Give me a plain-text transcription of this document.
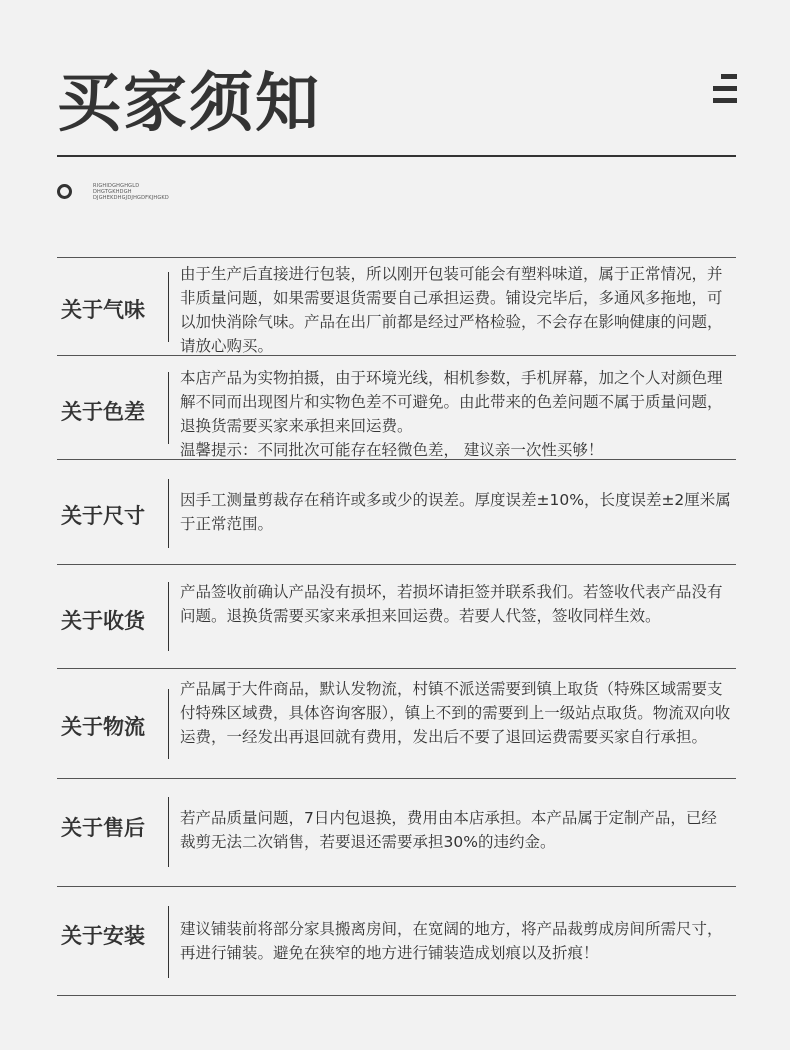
买家须知
RIGHIDGHGHGLD
DHGTGKHDGH
DJGHEKDHGJDJHGDFKJHGKD
关于气味
由于生产后直接进行包装，所以刚开包装可能会有塑料味道，属于正常情况，并非质量问题，如果需要退货需要自己承担运费。铺设完毕后，多通风多拖地，可以加快消除气味。产品在出厂前都是经过严格检验，不会存在影响健康的问题，请放心购买。
关于色差
本店产品为实物拍摄，由于环境光线，相机参数，手机屏幕，加之个人对颜色理解不同而出现图片和实物色差不可避免。由此带来的色差问题不属于质量问题，退换货需要买家来承担来回运费。
温馨提示：不同批次可能存在轻微色差， 建议亲一次性买够！
关于尺寸
因手工测量剪裁存在稍许或多或少的误差。厚度误差±10%，长度误差±2厘米属于正常范围。
关于收货
产品签收前确认产品没有损坏，若损坏请拒签并联系我们。若签收代表产品没有问题。退换货需要买家来承担来回运费。若要人代签，签收同样生效。
关于物流
产品属于大件商品，默认发物流，村镇不派送需要到镇上取货（特殊区域需要支付特殊区域费，具体咨询客服），镇上不到的需要到上一级站点取货。物流双向收运费，一经发出再退回就有费用，发出后不要了退回运费需要买家自行承担。
关于售后	若产品质量问题，7日内包退换，费用由本店承担。本产品属于定制产品，已经裁剪无法二次销售，若要退还需要承担30%的违约金。
关于安装	建议铺装前将部分家具搬离房间，在宽阔的地方，将产品裁剪成房间所需尺寸，再进行铺装。避免在狭窄的地方进行铺装造成划痕以及折痕！
